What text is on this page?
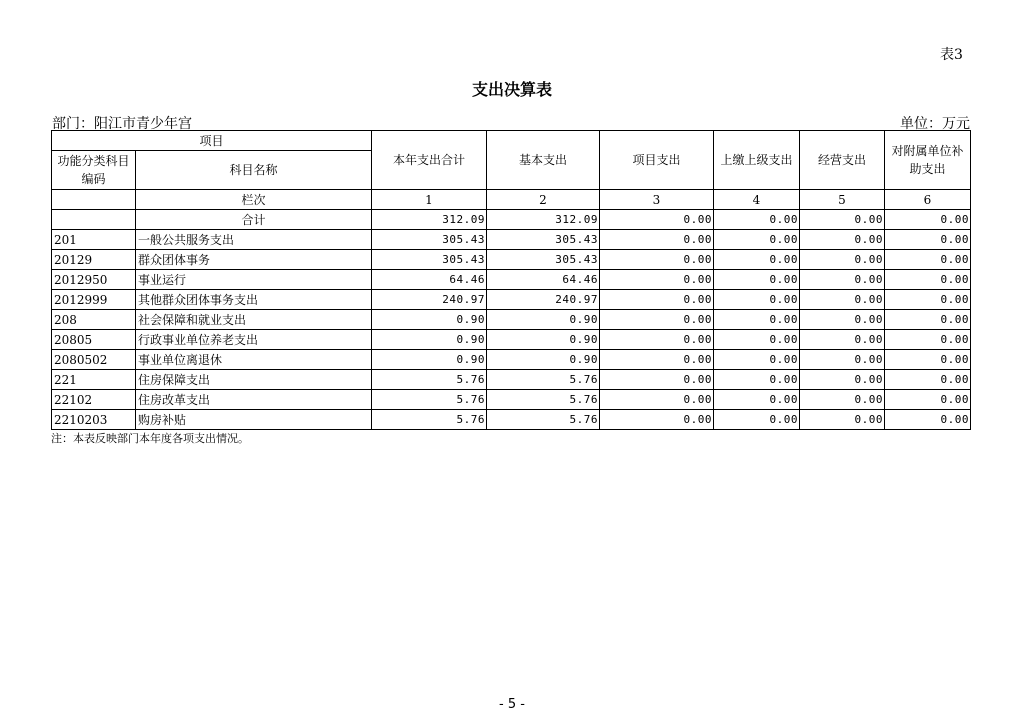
表3
支出决算表
部门：阳江市青少年宫	单位：万元
项目		本年支出合计	基本支出	项目支出	上缴上级支出	经营支出	对附属单位补助支出
功能分类科目编码	科目名称						

	栏次	1	2	3	4	5	6
	合计	312.09	312.09	0.00	0.00	0.00	0.00
201	一般公共服务支出	305.43	305.43	0.00	0.00	0.00	0.00
20129	群众团体事务	305.43	305.43	0.00	0.00	0.00	0.00
2012950	事业运行	64.46	64.46	0.00	0.00	0.00	0.00
2012999	其他群众团体事务支出	240.97	240.97	0.00	0.00	0.00	0.00
208	社会保障和就业支出	0.90	0.90	0.00	0.00	0.00	0.00
20805	行政事业单位养老支出	0.90	0.90	0.00	0.00	0.00	0.00
2080502	事业单位离退休	0.90	0.90	0.00	0.00	0.00	0.00
221	住房保障支出	5.76	5.76	0.00	0.00	0.00	0.00
22102	住房改革支出	5.76	5.76	0.00	0.00	0.00	0.00
2210203	购房补贴	5.76	5.76	0.00	0.00	0.00	0.00
注：本表反映部门本年度各项支出情况。
- 5 -
